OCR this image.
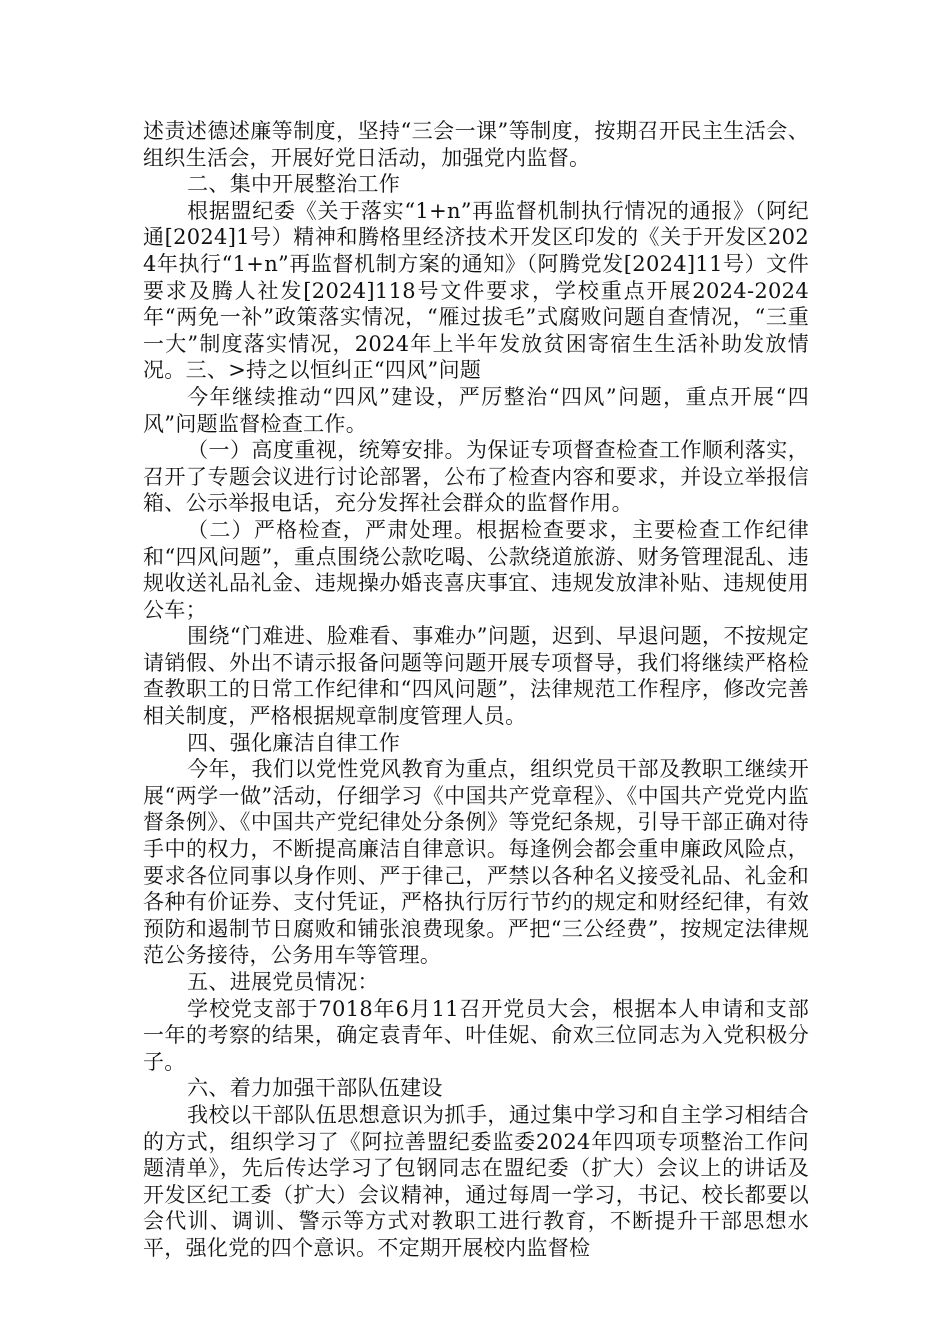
述责述德述廉等制度，坚持“三会一课”等制度，按期召开民主生活会、组织生活会，开展好党日活动，加强党内监督。

二、集中开展整治工作

根据盟纪委《关于落实“1+n”再监督机制执行情况的通报》（阿纪通[2024]1号）精神和腾格里经济技术开发区印发的《关于开发区2024年执行“1+n”再监督机制方案的通知》（阿腾党发[2024]11号）文件要求及腾人社发[2024]118号文件要求，学校重点开展2024-2024年“两免一补”政策落实情况，“雁过拔毛”式腐败问题自查情况，“三重一大”制度落实情况，2024年上半年发放贫困寄宿生生活补助发放情况。三、>持之以恒纠正“四风”问题

今年继续推动“四风”建设，严厉整治“四风”问题，重点开展“四风”问题监督检查工作。

（一）高度重视，统筹安排。为保证专项督查检查工作顺利落实，召开了专题会议进行讨论部署，公布了检查内容和要求，并设立举报信箱、公示举报电话，充分发挥社会群众的监督作用。

（二）严格检查，严肃处理。根据检查要求，主要检查工作纪律和“四风问题”，重点围绕公款吃喝、公款绕道旅游、财务管理混乱、违规收送礼品礼金、违规操办婚丧喜庆事宜、违规发放津补贴、违规使用公车；

围绕“门难进、脸难看、事难办”问题，迟到、早退问题，不按规定请销假、外出不请示报备问题等问题开展专项督导，我们将继续严格检查教职工的日常工作纪律和“四风问题”，法律规范工作程序，修改完善相关制度，严格根据规章制度管理人员。

四、强化廉洁自律工作

今年，我们以党性党风教育为重点，组织党员干部及教职工继续开展“两学一做”活动，仔细学习《中国共产党章程》、《中国共产党党内监督条例》、《中国共产党纪律处分条例》等党纪条规，引导干部正确对待手中的权力，不断提高廉洁自律意识。每逢例会都会重申廉政风险点，要求各位同事以身作则、严于律己，严禁以各种名义接受礼品、礼金和各种有价证券、支付凭证，严格执行厉行节约的规定和财经纪律，有效预防和遏制节日腐败和铺张浪费现象。严把“三公经费”，按规定法律规范公务接待，公务用车等管理。

五、进展党员情况：

学校党支部于7018年6月11召开党员大会，根据本人申请和支部一年的考察的结果，确定袁青年、叶佳妮、俞欢三位同志为入党积极分子。

六、着力加强干部队伍建设

我校以干部队伍思想意识为抓手，通过集中学习和自主学习相结合的方式，组织学习了《阿拉善盟纪委监委2024年四项专项整治工作问题清单》，先后传达学习了包钢同志在盟纪委（扩大）会议上的讲话及开发区纪工委（扩大）会议精神，通过每周一学习，书记、校长都要以会代训、调训、警示等方式对教职工进行教育，不断提升干部思想水平，强化党的四个意识。不定期开展校内监督检
